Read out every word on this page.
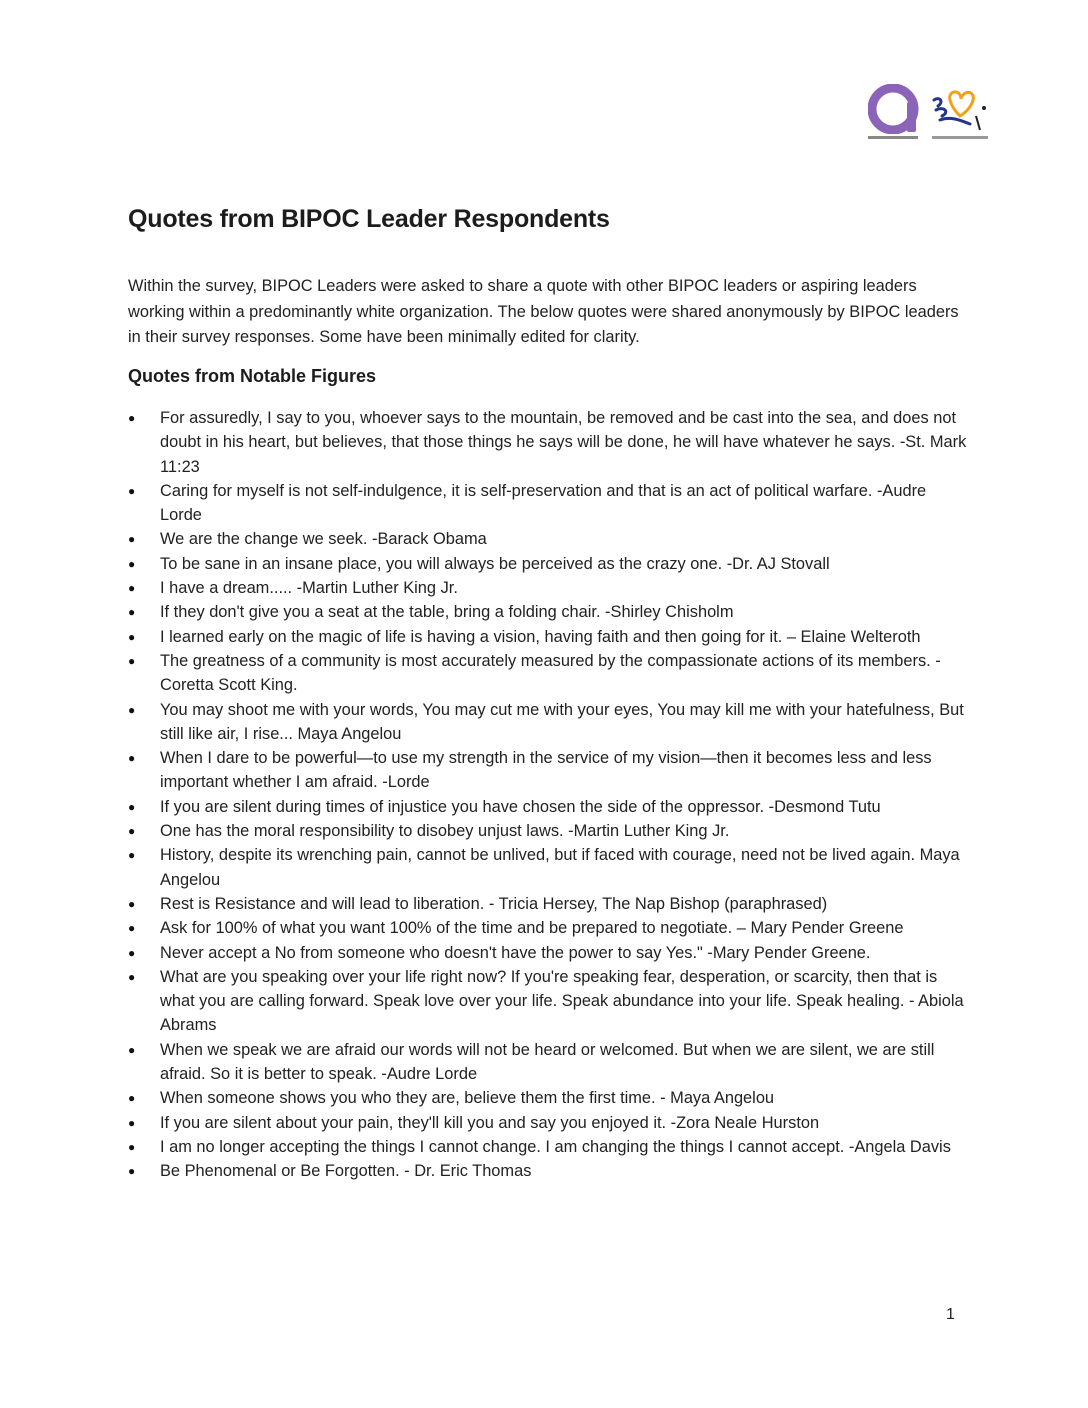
Quotes from BIPOC Leader Respondents

Within the survey, BIPOC Leaders were asked to share a quote with other BIPOC leaders or aspiring leaders working within a predominantly white organization. The below quotes were shared anonymously by BIPOC leaders in their survey responses. Some have been minimally edited for clarity.

Quotes from Notable Figures
● For assuredly, I say to you, whoever says to the mountain, be removed and be cast into the sea, and does not doubt in his heart, but believes, that those things he says will be done, he will have whatever he says. -St. Mark 11:23
● Caring for myself is not self-indulgence, it is self-preservation and that is an act of political warfare. -Audre Lorde
● We are the change we seek. -Barack Obama
● To be sane in an insane place, you will always be perceived as the crazy one. -Dr. AJ Stovall
● I have a dream..... -Martin Luther King Jr.
● If they don't give you a seat at the table, bring a folding chair. -Shirley Chisholm
● I learned early on the magic of life is having a vision, having faith and then going for it. – Elaine Welteroth
● The greatness of a community is most accurately measured by the compassionate actions of its members. -Coretta Scott King.
● You may shoot me with your words, You may cut me with your eyes, You may kill me with your hatefulness, But still like air, I rise... Maya Angelou
● When I dare to be powerful—to use my strength in the service of my vision—then it becomes less and less important whether I am afraid. -Lorde
● If you are silent during times of injustice you have chosen the side of the oppressor. -Desmond Tutu
● One has the moral responsibility to disobey unjust laws. -Martin Luther King Jr.
● History, despite its wrenching pain, cannot be unlived, but if faced with courage, need not be lived again. Maya Angelou
● Rest is Resistance and will lead to liberation. - Tricia Hersey, The Nap Bishop (paraphrased)
● Ask for 100% of what you want 100% of the time and be prepared to negotiate. – Mary Pender Greene
● Never accept a No from someone who doesn't have the power to say Yes." -Mary Pender Greene.
● What are you speaking over your life right now? If you're speaking fear, desperation, or scarcity, then that is what you are calling forward. Speak love over your life. Speak abundance into your life. Speak healing. - Abiola Abrams
● When we speak we are afraid our words will not be heard or welcomed. But when we are silent, we are still afraid. So it is better to speak. -Audre Lorde
● When someone shows you who they are, believe them the first time. - Maya Angelou
● If you are silent about your pain, they'll kill you and say you enjoyed it. -Zora Neale Hurston
● I am no longer accepting the things I cannot change. I am changing the things I cannot accept. -Angela Davis
● Be Phenomenal or Be Forgotten. - Dr. Eric Thomas
1
